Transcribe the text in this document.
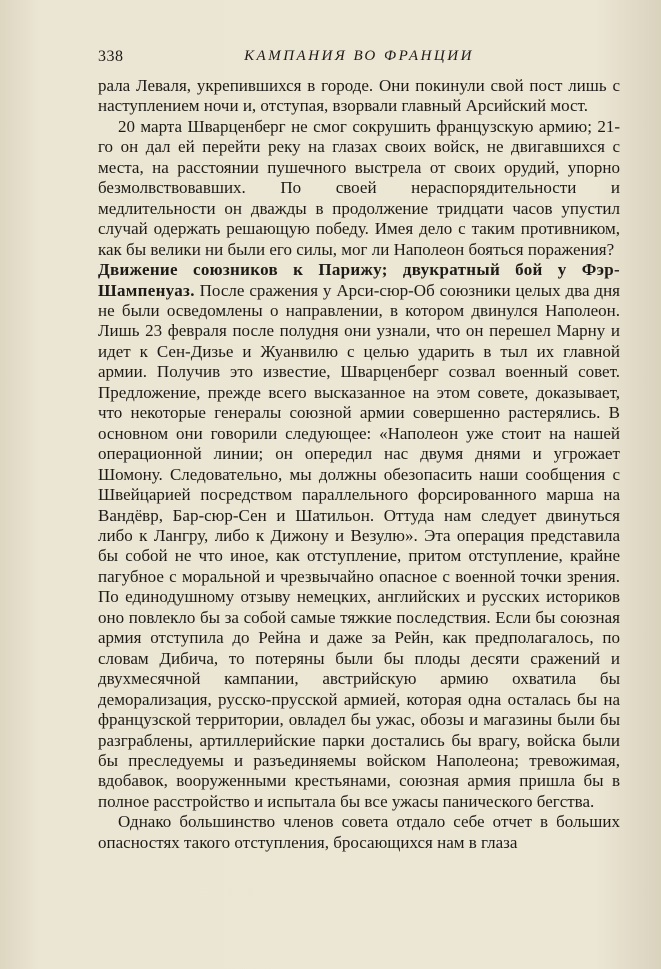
338	КАМПАНИЯ ВО ФРАНЦИИ

рала Леваля, укрепившихся в городе. Они покинули свой пост лишь с наступлением ночи и, отступая, взорвали главный Арсийский мост.

20 марта Шварценберг не смог сокрушить французскую армию; 21-го он дал ей перейти реку на глазах своих войск, не двигавшихся с места, на расстоянии пушечного выстрела от своих орудий, упорно безмолвствовавших. По своей нераспорядительности и медлительности он дважды в продолжение тридцати часов упустил случай одержать решающую победу. Имея дело с таким противником, как бы велики ни были его силы, мог ли Наполеон бояться поражения?

Движение союзников к Парижу; двукратный бой у Фэр-Шампенуаз. После сражения у Арси-сюр-Об союзники целых два дня не были осведомлены о направлении, в котором двинулся Наполеон. Лишь 23 февраля после полудня они узнали, что он перешел Марну и идет к Сен-Дизье и Жуанвилю с целью ударить в тыл их главной армии. Получив это известие, Шварценберг созвал военный совет. Предложение, прежде всего высказанное на этом совете, доказывает, что некоторые генералы союзной армии совершенно растерялись. В основном они говорили следующее: «Наполеон уже стоит на нашей операционной линии; он опередил нас двумя днями и угрожает Шомону. Следовательно, мы должны обезопасить наши сообщения с Швейцарией посредством параллельного форсированного марша на Вандёвр, Бар-сюр-Сен и Шатильон. Оттуда нам следует двинуться либо к Лангру, либо к Дижону и Везулю». Эта операция представила бы собой не что иное, как отступление, притом отступление, крайне пагубное с моральной и чрезвычайно опасное с военной точки зрения. По единодушному отзыву немецких, английских и русских историков оно повлекло бы за собой самые тяжкие последствия. Если бы союзная армия отступила до Рейна и даже за Рейн, как предполагалось, по словам Дибича, то потеряны были бы плоды десяти сражений и двухмесячной кампании, австрийскую армию охватила бы деморализация, русско-прусской армией, которая одна осталась бы на французской территории, овладел бы ужас, обозы и магазины были бы разграблены, артиллерийские парки достались бы врагу, войска были бы преследуемы и разъединяемы войском Наполеона; тревожимая, вдобавок, вооруженными крестьянами, союзная армия пришла бы в полное расстройство и испытала бы все ужасы панического бегства.

Однако большинство членов совета отдало себе отчет в больших опасностях такого отступления, бросающихся нам в глаза
